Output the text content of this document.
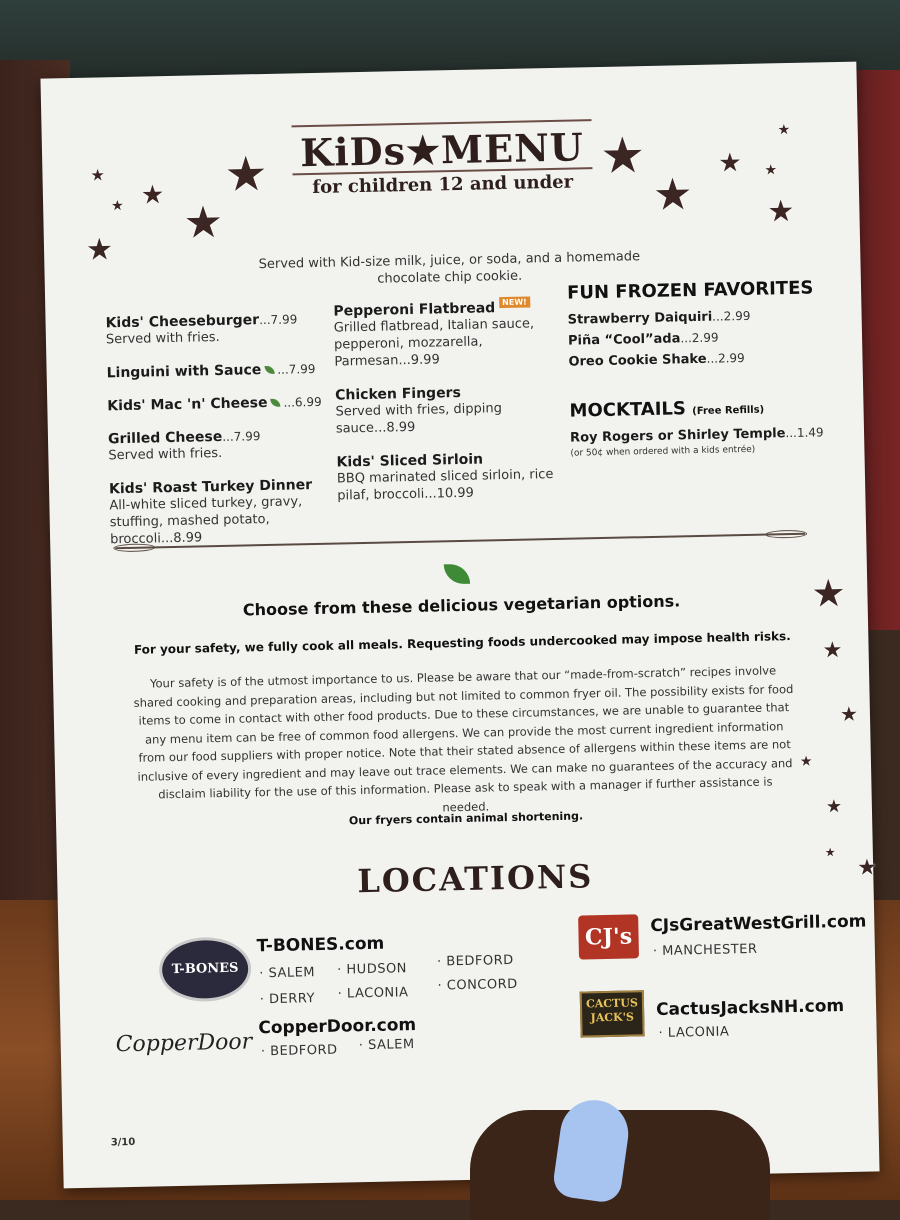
★
★ ★
★
★
★
★
★
★ ★
★
★
★
★
★
★
★
★
★
KiDs★MENU
for children 12 and under
Served with Kid-size milk, juice, or soda, and a homemade chocolate chip cookie.
Kids' Cheeseburger...7.99
Served with fries.
Linguini with Sauce ...7.99
Kids' Mac 'n' Cheese ...6.99
Grilled Cheese...7.99
Served with fries.
Kids' Roast Turkey Dinner
All-white sliced turkey, gravy, stuffing, mashed potato, broccoli...8.99
Pepperoni Flatbread NEW!
Grilled flatbread, Italian sauce, pepperoni, mozzarella, Parmesan...9.99
Chicken Fingers
Served with fries, dipping sauce...8.99
Kids' Sliced Sirloin
BBQ marinated sliced sirloin, rice pilaf, broccoli...10.99
FUN FROZEN FAVORITES
Strawberry Daiquiri...2.99
Piña “Cool”ada...2.99
Oreo Cookie Shake...2.99
MOCKTAILS (Free Refills)
Roy Rogers or Shirley Temple...1.49
(or 50¢ when ordered with a kids entrée)
Choose from these delicious vegetarian options.
For your safety, we fully cook all meals. Requesting foods undercooked may impose health risks.
Your safety is of the utmost importance to us. Please be aware that our “made-from-scratch” recipes involve shared cooking and preparation areas, including but not limited to common fryer oil. The possibility exists for food items to come in contact with other food products. Due to these circumstances, we are unable to guarantee that any menu item can be free of common food allergens. We can provide the most current ingredient information from our food suppliers with proper notice. Note that their stated absence of allergens within these items are not inclusive of every ingredient and may leave out trace elements. We can make no guarantees of the accuracy and disclaim liability for the use of this information. Please ask to speak with a manager if further assistance is needed.
Our fryers contain animal shortening.
LOCATIONS
T-BONES
T-BONES.com
· SALEM · HUDSON · BEDFORD
· DERRY · LACONIA · CONCORD
CopperDoor
CopperDoor.com
· BEDFORD · SALEM
CJ's	CJsGreatWestGrill.com
· MANCHESTER
CACTUS JACK'S	CactusJacksNH.com
· LACONIA
3/10
